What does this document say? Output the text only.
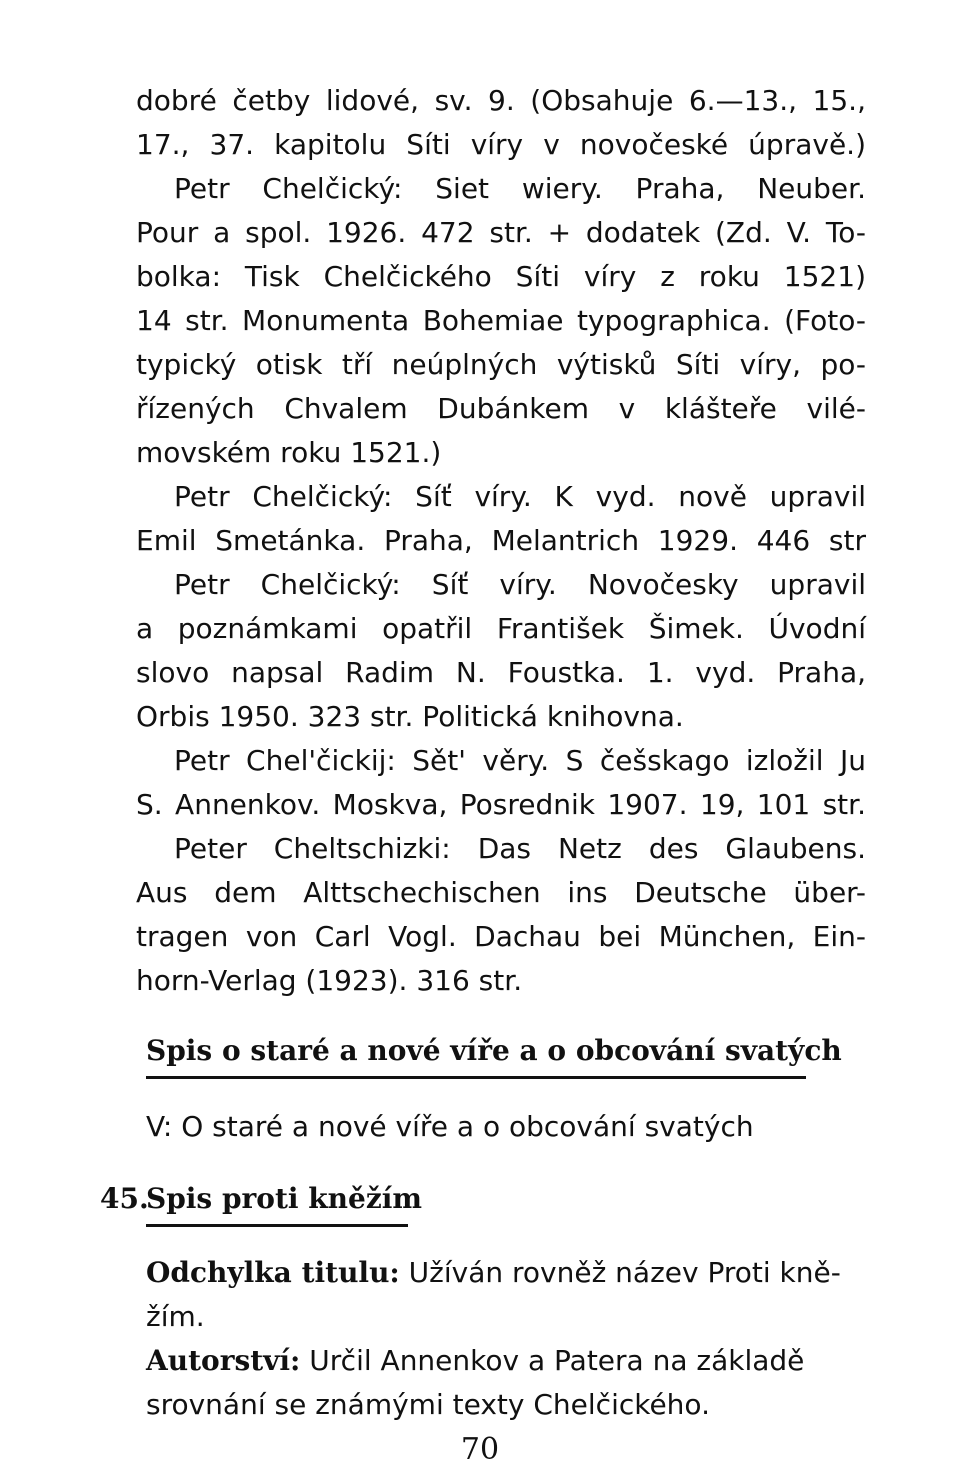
dobré četby lidové, sv. 9. (Obsahuje 6.—13., 15.,
17., 37. kapitolu Síti víry v novočeské úpravě.)
Petr Chelčický: Siet wiery. Praha, Neuber.
Pour a spol. 1926. 472 str. + dodatek (Zd. V. To-
bolka: Tisk Chelčického Síti víry z roku 1521)
14 str. Monumenta Bohemiae typographica. (Foto-
typický otisk tří neúplných výtisků Síti víry, po-
řízených Chvalem Dubánkem v klášteře vilé-
movském roku 1521.)
Petr Chelčický: Síť víry. K vyd. nově upravil
Emil Smetánka. Praha, Melantrich 1929. 446 str
Petr Chelčický: Síť víry. Novočesky upravil
a poznámkami opatřil František Šimek. Úvodní
slovo napsal Radim N. Foustka. 1. vyd. Praha,
Orbis 1950. 323 str. Politická knihovna.
Petr Chel'čickij: Sět' věry. S češskago izložil Ju
S. Annenkov. Moskva, Posrednik 1907. 19, 101 str.
Peter Cheltschizki: Das Netz des Glaubens.
Aus dem Alttschechischen ins Deutsche über-
tragen von Carl Vogl. Dachau bei München, Ein-
horn-Verlag (1923). 316 str.
Spis o staré a nové víře a o obcování svatých
V: O staré a nové víře a o obcování svatých
45.
Spis proti kněžím
Odchylka titulu: Užíván rovněž název Proti kně-
žím.
Autorství: Určil Annenkov a Patera na základě
srovnání se známými texty Chelčického.
70
